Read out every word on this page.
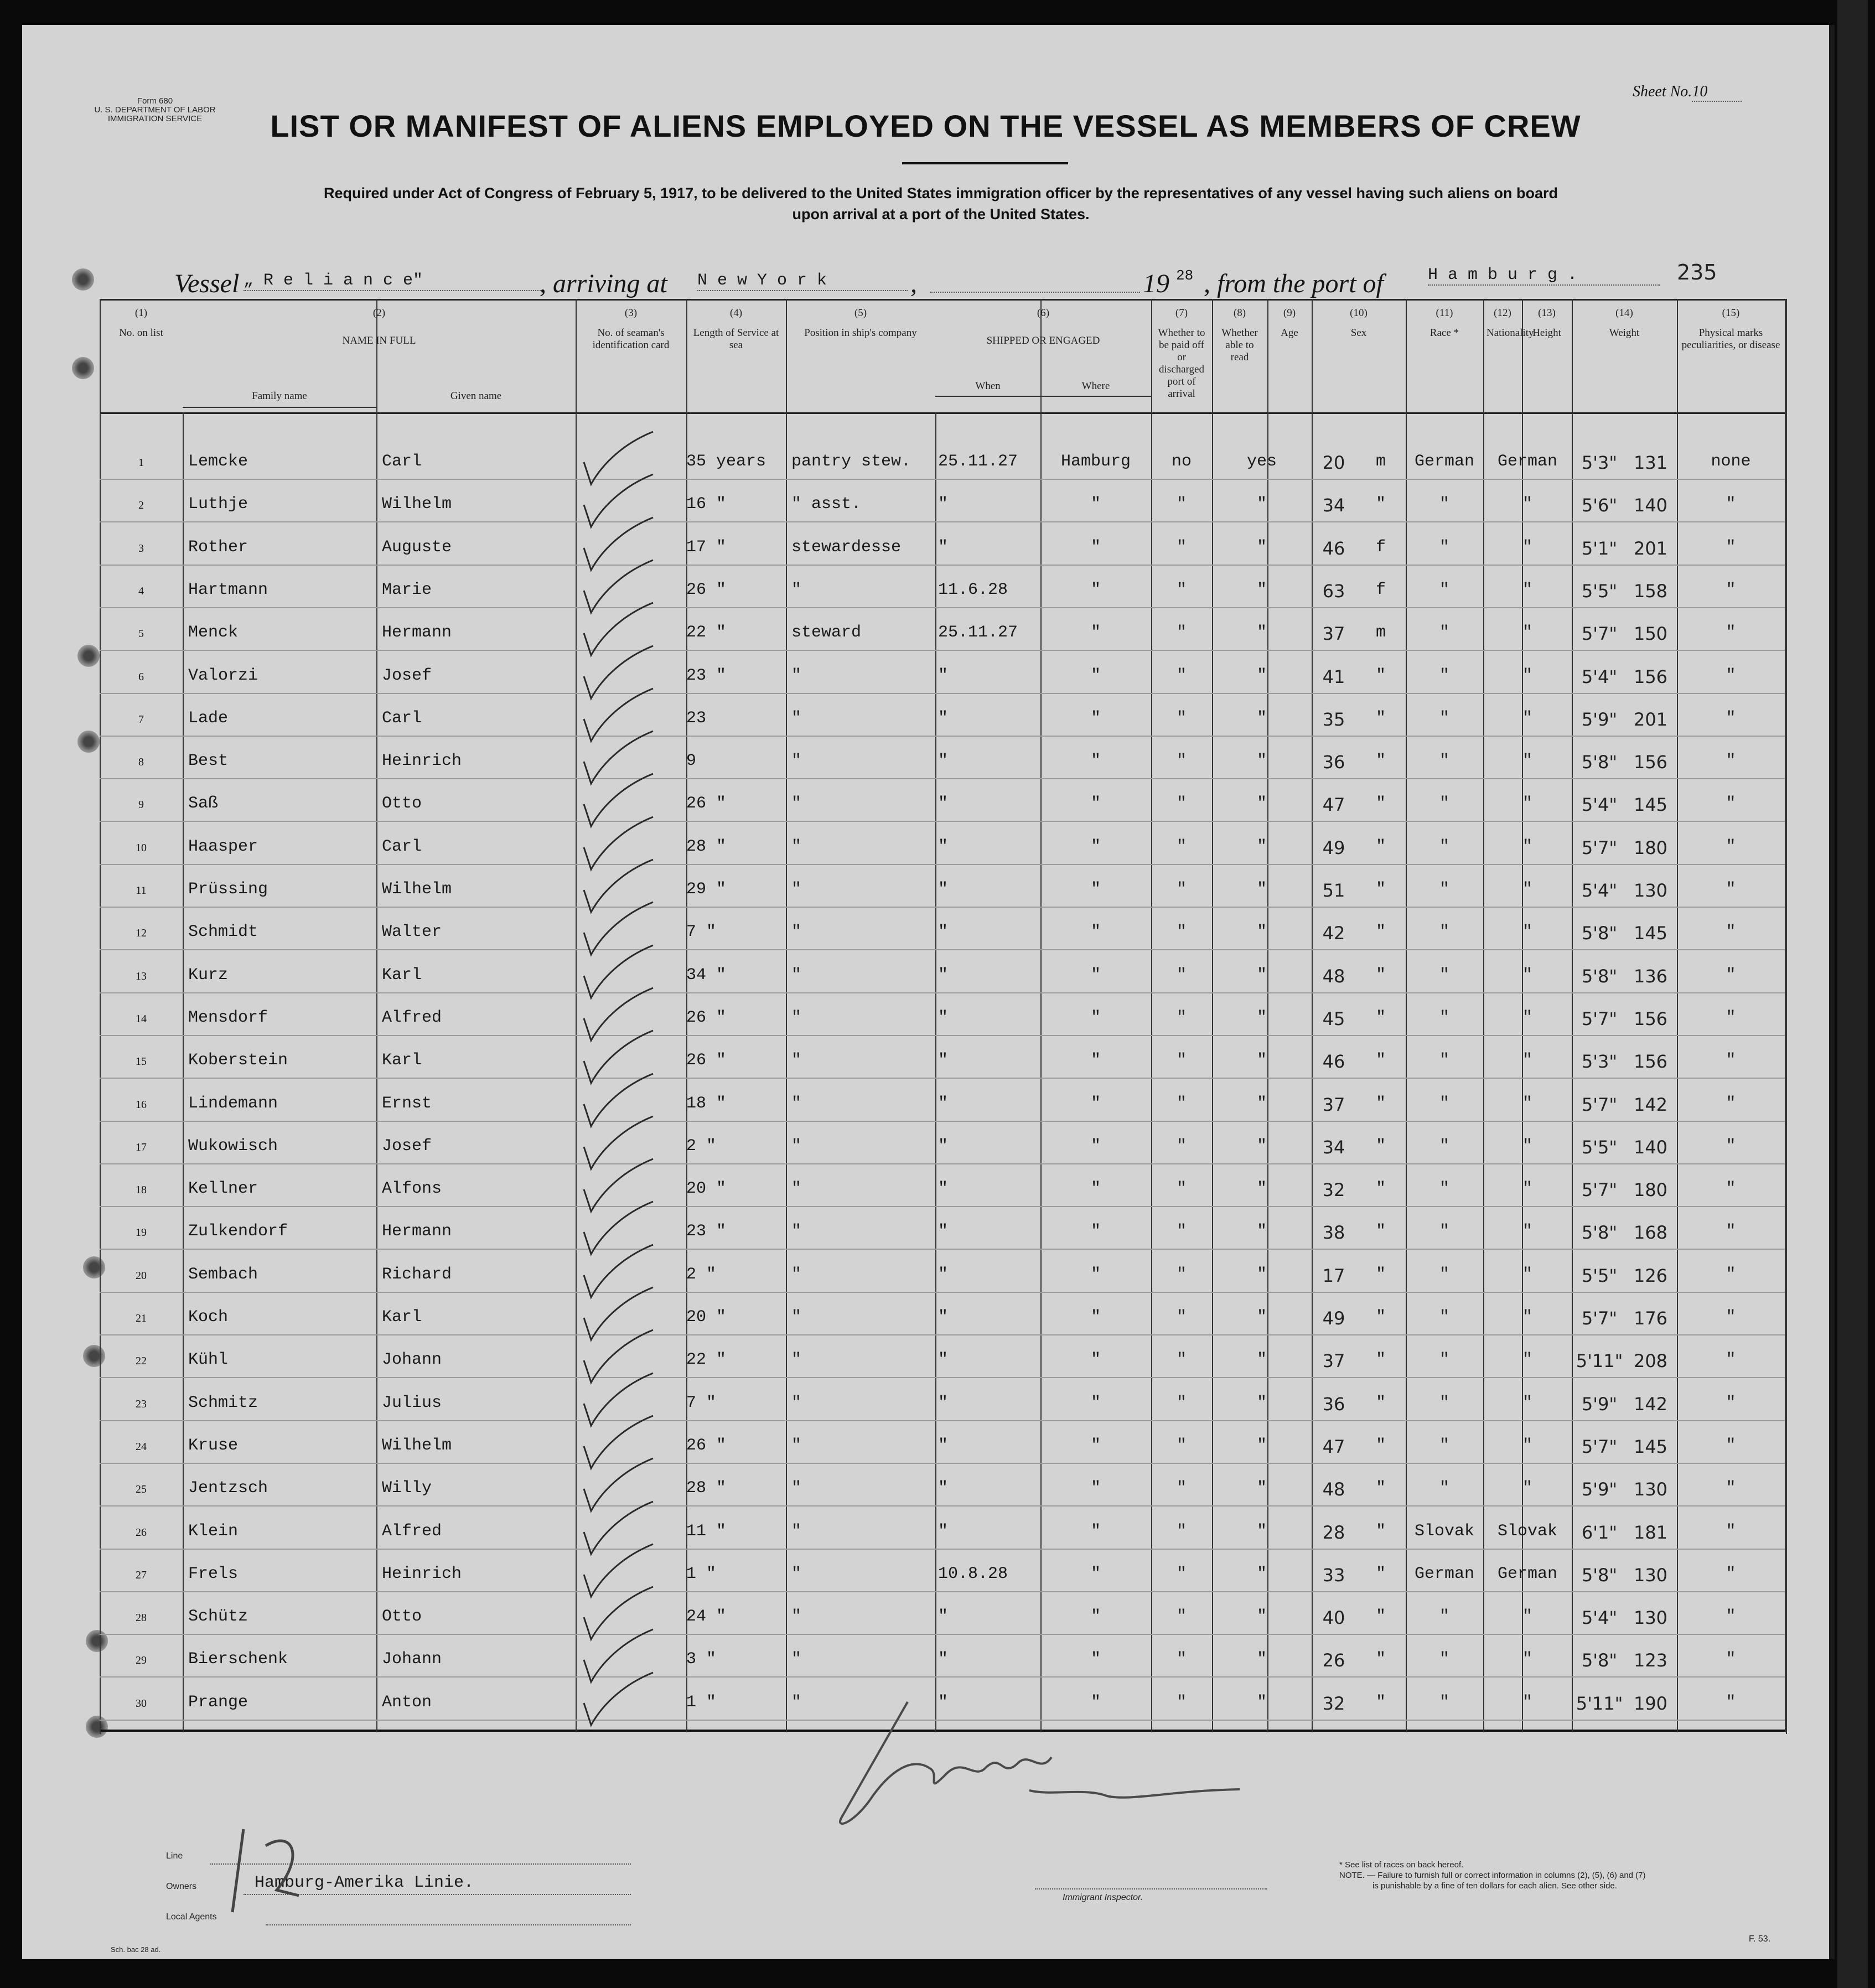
Form 680
U. S. DEPARTMENT OF LABOR
IMMIGRATION SERVICE
Sheet No.10
LIST OR MANIFEST OF ALIENS EMPLOYED ON THE VESSEL AS MEMBERS OF CREW
Required under Act of Congress of February 5, 1917, to be delivered to the United States immigration officer by the representatives of any vessel having such aliens on board
upon arrival at a port of the United States.
Vessel „ R e l i a n c e"	, arriving at N e w Y o r k	,	19 28 , from the port of	H a m b u r g .	235
(1)
No. on list
(2)
NAME IN FULL
Family name	Given name
(3)
No. of seaman's identification card
(4)
Length of Service at sea
(5)
Position in ship's company
(6)
SHIPPED OR ENGAGED
When	Where
(7)
Whether to be paid off or discharged port of arrival
(8)
Whether able to read
(9)
Age
(10)
Sex
(11)
Race *
(12)
Nationality
(13)
Height
(14)
Weight
(15)
Physical marks peculiarities, or disease
1	Lemcke	Carl	35 years	pantry stew.	25.11.27	Hamburg	no	yes	20	m	German	German	5'3" 131	none
2	Luthje	Wilhelm	16 "	" asst.	"	"	"	"	34	"	"	"	5'6" 140	"
3	Rother	Auguste	17 "	stewardesse	"	"	"	"	46	f	"	"	5'1" 201	"
4	Hartmann	Marie	26 "	"	11.6.28	"	"	"	63	f	"	"	5'5" 158	"
5	Menck	Hermann	22 "	steward	25.11.27	"	"	"	37	m	"	"	5'7" 150	"
6	Valorzi	Josef	23 "	"	"	"	"	"	41	"	"	"	5'4" 156	"
7	Lade	Carl	23	"	"	"	"	"	35	"	"	"	5'9" 201	"
8	Best	Heinrich	9	"	"	"	"	"	36	"	"	"	5'8" 156	"
9	Saß	Otto	26 "	"	"	"	"	"	47	"	"	"	5'4" 145	"
10	Haasper	Carl	28 "	"	"	"	"	"	49	"	"	"	5'7" 180	"
11	Prüssing	Wilhelm	29 "	"	"	"	"	"	51	"	"	"	5'4" 130	"
12	Schmidt	Walter	7 "	"	"	"	"	"	42	"	"	"	5'8" 145	"
13	Kurz	Karl	34 "	"	"	"	"	"	48	"	"	"	5'8" 136	"
14	Mensdorf	Alfred	26 "	"	"	"	"	"	45	"	"	"	5'7" 156	"
15	Koberstein	Karl	26 "	"	"	"	"	"	46	"	"	"	5'3" 156	"
16	Lindemann	Ernst	18 "	"	"	"	"	"	37	"	"	"	5'7" 142	"
17	Wukowisch	Josef	2 "	"	"	"	"	"	34	"	"	"	5'5" 140	"
18	Kellner	Alfons	20 "	"	"	"	"	"	32	"	"	"	5'7" 180	"
19	Zulkendorf	Hermann	23 "	"	"	"	"	"	38	"	"	"	5'8" 168	"
20	Sembach	Richard	2 "	"	"	"	"	"	17	"	"	"	5'5" 126	"
21	Koch	Karl	20 "	"	"	"	"	"	49	"	"	"	5'7" 176	"
22	Kühl	Johann	22 "	"	"	"	"	"	37	"	"	"	5'11" 208	"
23	Schmitz	Julius	7 "	"	"	"	"	"	36	"	"	"	5'9" 142	"
24	Kruse	Wilhelm	26 "	"	"	"	"	"	47	"	"	"	5'7" 145	"
25	Jentzsch	Willy	28 "	"	"	"	"	"	48	"	"	"	5'9" 130	"
26	Klein	Alfred	11 "	"	"	"	"	"	28	"	Slovak	Slovak	6'1" 181	"
27	Frels	Heinrich	1 "	"	10.8.28	"	"	"	33	"	German	German	5'8" 130	"
28	Schütz	Otto	24 "	"	"	"	"	"	40	"	"	"	5'4" 130	"
29	Bierschenk	Johann	3 "	"	"	"	"	"	26	"	"	"	5'8" 123	"
30	Prange	Anton	1 "	"	"	"	"	"	32	"	"	"	5'11" 190	"
Line
Owners	Hamburg-Amerika Linie.
Local Agents
Immigrant Inspector.
* See list of races on back hereof.
NOTE. — Failure to furnish full or correct information in columns (2), (5), (6) and (7)
is punishable by a fine of ten dollars for each alien. See other side.
F. 53.
Sch. bac 28 ad.
